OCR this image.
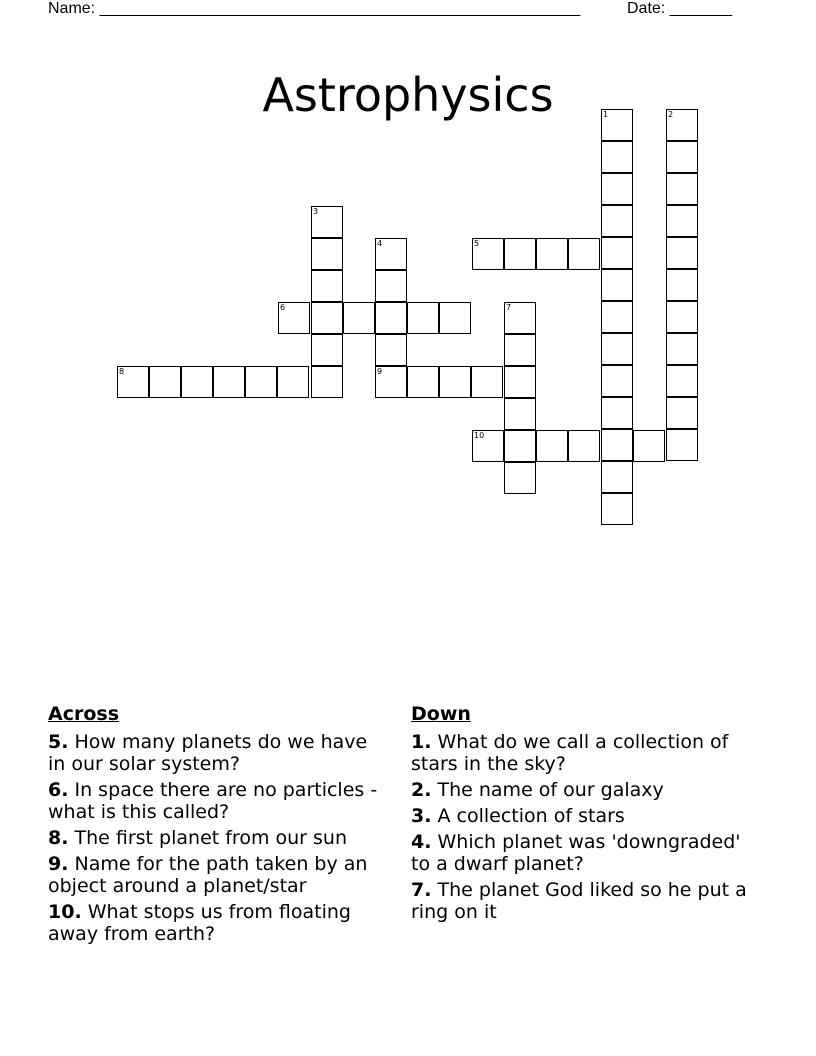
Name: ______________________________________________________	Date: _______
Astrophysics	1	2
3
4	5
6	7
8	9
10
Across
5. How many planets do we have in our solar system?
6. In space there are no particles - what is this called?
8. The first planet from our sun
9. Name for the path taken by an object around a planet/star
10. What stops us from floating away from earth?
Down
1. What do we call a collection of stars in the sky?
2. The name of our galaxy
3. A collection of stars
4. Which planet was 'downgraded' to a dwarf planet?
7. The planet God liked so he put a ring on it
